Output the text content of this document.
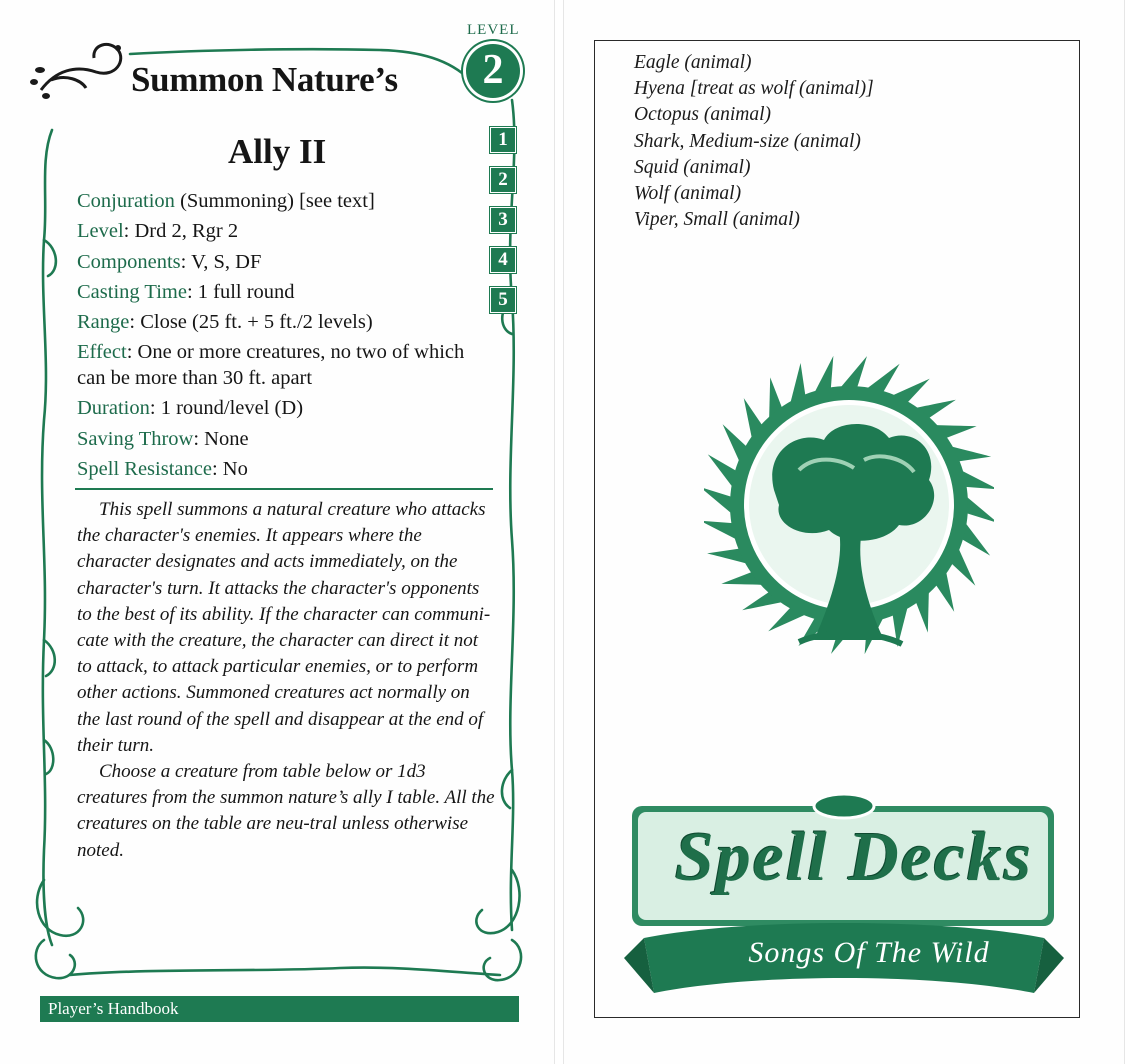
LEVEL
2
Summon Nature’s
Ally II	1
2
3
4
5
Conjuration (Summoning) [see text]
Level: Drd 2, Rgr 2
Components: V, S, DF
Casting Time: 1 full round
Range: Close (25 ft. + 5 ft./2 levels)
Effect: One or more creatures, no two of which can be more than 30 ft. apart
Duration: 1 round/level (D)
Saving Throw: None
Spell Resistance: No

This spell summons a natural creature who attacks the character's enemies. It appears where the character designates and acts immediately, on the character's turn. It attacks the character's opponents to the best of its ability. If the character can communi-cate with the creature, the character can direct it not to attack, to attack particular enemies, or to perform other actions. Summoned creatures act normally on the last round of the spell and disappear at the end of their turn.

Choose a creature from table below or 1d3 creatures from the summon nature’s ally I table. All the creatures on the table are neu-tral unless otherwise noted.

Player’s Handbook
Eagle (animal)
Hyena [treat as wolf (animal)]
Octopus (animal)
Shark, Medium-size (animal)
Squid (animal)
Wolf (animal)
Viper, Small (animal)
Spell Decks
Songs Of The Wild
